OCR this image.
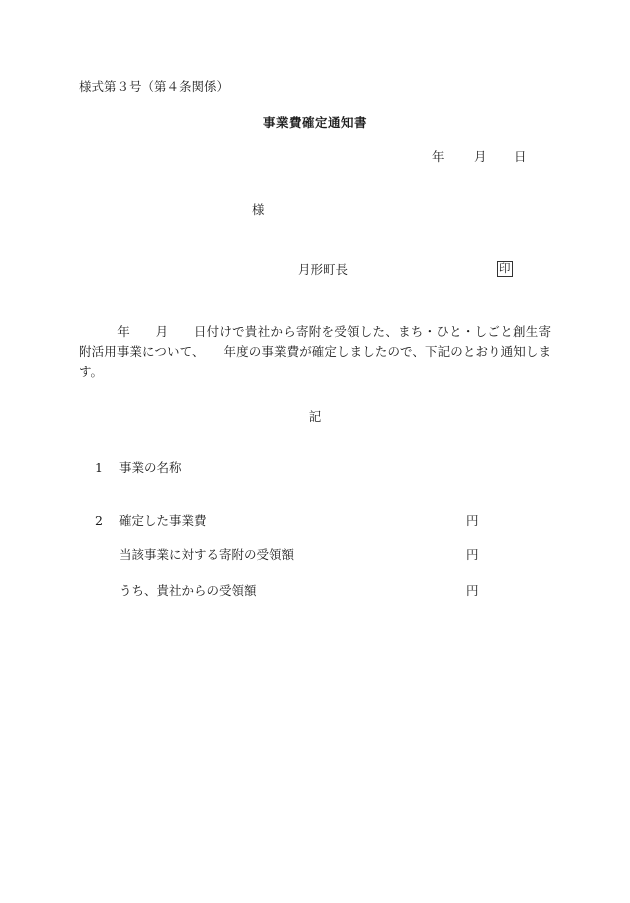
様式第３号（第４条関係）
事業費確定通知書
年 月 日
様
月形町長	印
　　　年　　月　　日付けで貴社から寄附を受領した、まち・ひと・しごと創生寄附活用事業について、　　年度の事業費が確定しましたので、下記のとおり通知します。
記
1 事業の名称
2 確定した事業費	円
当該事業に対する寄附の受領額	円
うち、貴社からの受領額	円
